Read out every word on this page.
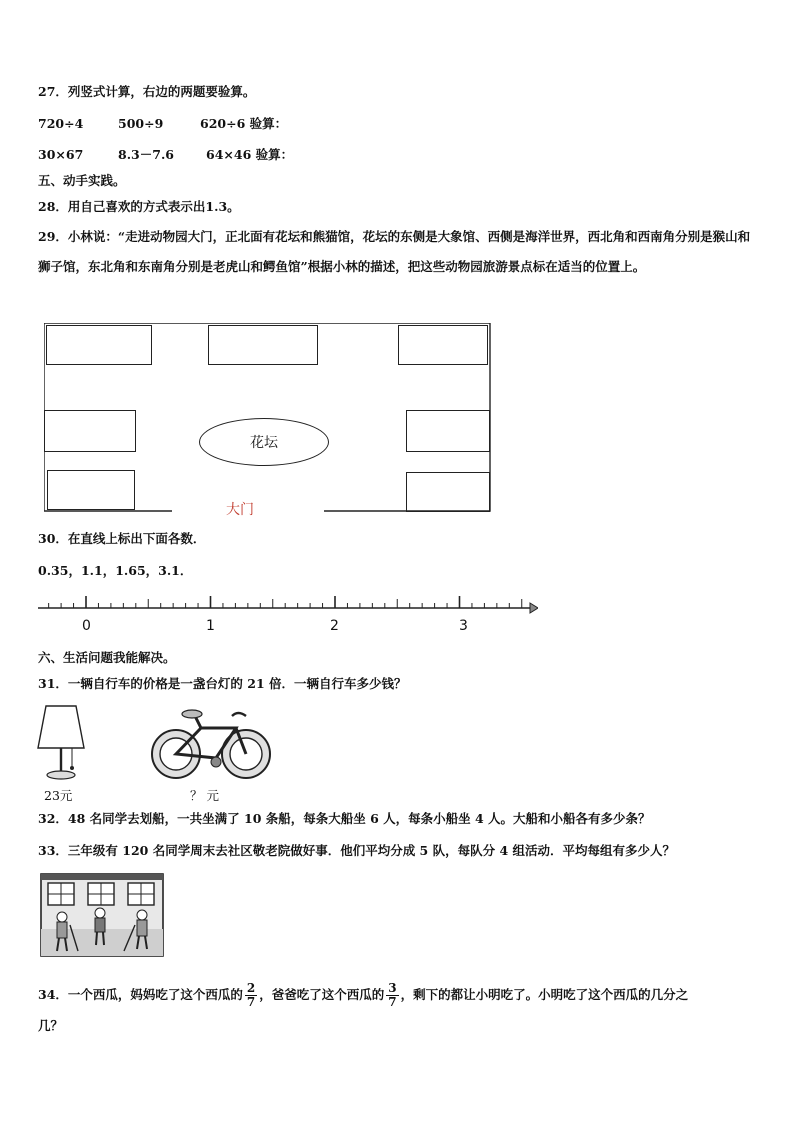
27．列竖式计算，右边的两题要验算。
720÷4	500÷9	620÷6 验算：
30×67	8.3－7.6	64×46 验算：
五、动手实践。
28．用自己喜欢的方式表示出1.3。
29．小林说：“走进动物园大门，正北面有花坛和熊猫馆，花坛的东侧是大象馆、西侧是海洋世界，西北角和西南角分别是猴山和狮子馆，东北角和东南角分别是老虎山和鳄鱼馆”根据小林的描述，把这些动物园旅游景点标在适当的位置上。
花坛
大门
30．在直线上标出下面各数．
0.35，1.1，1.65，3.1．
0	1	2	3
六、生活问题我能解决。
31．一辆自行车的价格是一盏台灯的 21 倍．一辆自行车多少钱？
23元	？ 元
32．48 名同学去划船，一共坐满了 10 条船，每条大船坐 6 人，每条小船坐 4 人。大船和小船各有多少条？
33．三年级有 120 名同学周末去社区敬老院做好事．他们平均分成 5 队，每队分 4 组活动．平均每组有多少人？
34．一个西瓜，妈妈吃了这个西瓜的 $\frac{2}{7}$ ，爸爸吃了这个西瓜的 $\frac{3}{7}$ ，剩下的都让小明吃了。小明吃了这个西瓜的几分之
几？
